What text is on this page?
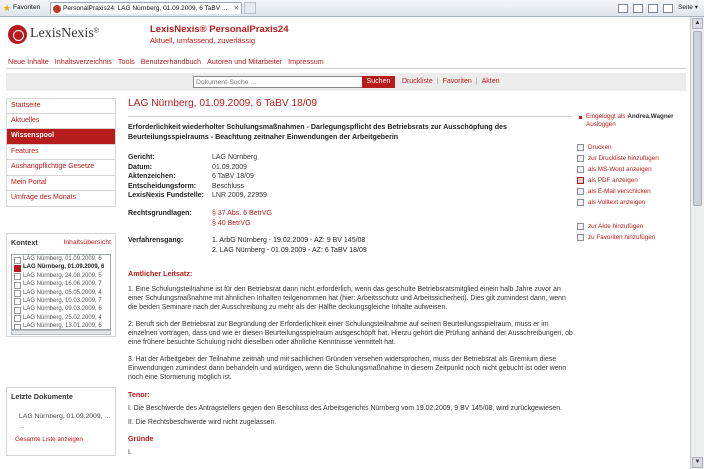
★ Favoriten	PersonalPraxis24: LAG Nürnberg, 01.09.2009, 6 TaBV ... ✕	Seite ▾
LexisNexis ®	LexisNexis® PersonalPraxis24
Aktuell, umfassend, zuverlässig
Neue Inhalte Inhaltsverzeichnis Tools Benutzerhandbuch Autoren und Mitarbeiter Impressum
Dokument-Suche ...
Suchen	Druckliste | Favoriten | Akten
Startseite
Aktuelles
Wissenspool
Features
Aushangpflichtige Gesetze
Mein Portal
Umfrage des Monats
Kontext	Inhaltsübersicht
LAG Nürnberg, 01.09.2009, 6
LAG Nürnberg, 01.09.2009, 6
LAG Nürnberg, 24.08.2009, 5
LAG Nürnberg, 16.06.2009, 7
LAG Nürnberg, 05.05.2009, 4
LAG Nürnberg, 10.03.2009, 7
LAG Nürnberg, 09.03.2009, 6
LAG Nürnberg, 25.02.2009, 4
LAG Nürnberg, 13.01.2009, 6
Letzte Dokumente
LAG Nürnberg, 01.09.2009, ...
...
Gesamte Liste anzeigen
LAG Nürnberg, 01.09.2009, 6 TaBV 18/09
Erforderlichkeit wiederholter Schulungsmaßnahmen - Darlegungspflicht des Betriebsrats zur Ausschöpfung des Beurteilungsspielraums - Beachtung zeitnaher Einwendungen der Arbeitgeberin
Gericht:	LAG Nürnberg
Datum:	01.09.2009
Aktenzeichen:	6 TaBV 18/09
Entscheidungsform:	Beschluss
LexisNexis Fundstelle:	LNR 2009, 22959
Rechtsgrundlagen:	§ 37 Abs. 6 BetrVG
§ 40 BetrVG
Verfahrensgang:	1. ArbG Nürnberg - 19.02.2009 - AZ: 9 BV 145/08
2. LAG Nürnberg - 01.09.2009 - AZ: 6 TaBV 18/09
Amtlicher Leitsatz:
1. Eine Schulungsteilnahme ist für den Betriebsrat dann nicht erforderlich, wenn das geschulte Betriebsratsmitglied einein halb Jahre zuvor an einer Schulungsmaßnahme mit ähnlichen Inhalten teilgenommen hat (hier: Arbeitsschutz und Arbeitssicherheit). Dies gilt zumindest dann, wenn die beiden Seminare nach der Ausschreibung zu mehr als der Hälfte deckungsgleiche Inhalte aufweisen.
2. Beruft sich der Betriebsrat zur Begründung der Erforderlichkeit einer Schulungsteilnahme auf seinen Beurteilungsspielraum, muss er im einzelnen vortragen, dass und wie er diesen Beurteilungsspielraum ausgeschöpft hat. Hierzu gehört die Prüfung anhand der Ausschreibungen, ob eine frühere besuchte Schulung nicht dieselben oder ähnliche Kenntnisse vermittelt hat.
3. Hat der Arbeitgeber der Teilnahme zeitnah und mit sachlichen Gründen versehen widersprochen, muss der Betriebsrat als Gremium diese Einwendungen zumindest dann behandeln und würdigen, wenn die Schulungsmaßnahme in diesem Zeitpunkt noch nicht gebucht ist oder wenn noch eine Stornierung möglich ist.
Tenor:
I. Die Beschwerde des Antragstellers gegen den Beschluss des Arbeitsgerichts Nürnberg vom 19.02.2009, 9 BV 145/08, wird zurückgewiesen.
II. Die Rechtsbeschwerde wird nicht zugelassen.
Gründe
I.
Eingeloggt als Andrea.Wagner
Ausloggen
Drucken
zur Druckliste hinzufügen
als MS-Word anzeigen
als PDF anzeigen
als E-Mail verschicken
als Volltext anzeigen
zur Akte hinzufügen
zu Favoriten hinzufügen
▲
▼
